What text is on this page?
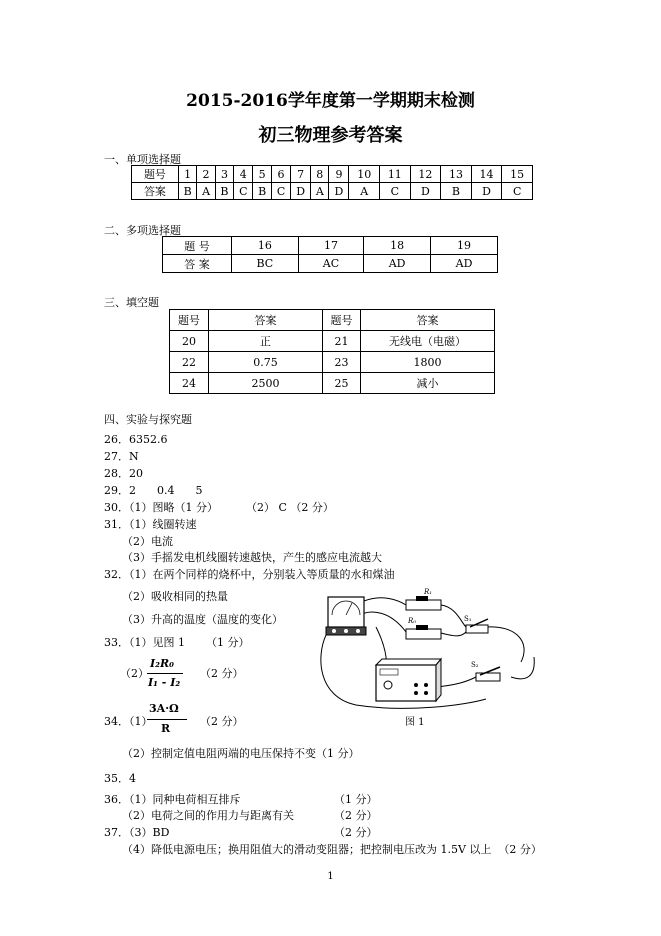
2015-2016学年度第一学期期末检测
初三物理参考答案
一、单项选择题
题号	1	2	3	4	5	6	7	8	9	10	11	12	13	14	15
答案	B	A	B	C	B	C	D	A	D	A	C	D	B	D	C
二、多项选择题
题 号	16	17	18	19
答 案	BC	AC	AD	AD
三、填空题
题号	答案	题号	答案
20	正	21	无线电（电磁）
22	0.75	23	1800
24	2500	25	减小
四、实验与探究题
26．6352.6
27．N
28．20
29．2      0.4      5
30．（1）图略（1 分）        （2） C （2 分）
31．（1）线圈转速
（2）电流
（3）手摇发电机线圈转速越快，产生的感应电流越大
32．（1）在两个同样的烧杯中，分别装入等质量的水和煤油
（2）吸收相同的热量
（3）升高的温度（温度的变化）
33．（1）见图 1      （1 分）
（2）
I₂R₀
I₁ - I₂
（2 分）
34．（1）
3A·Ω
R
（2 分）
（2）控制定值电阻两端的电压保持不变（1 分）
35．4
36．（1）同种电荷相互排斥	（1 分）
（2）电荷之间的作用力与距离有关	（2 分）
37．（3）BD	（2 分）
（4）降低电源电压；换用阻值大的滑动变阻器；把控制电压改为 1.5V 以上  （2 分）
R₁
R₀	S₁
S₂
图 1
1
